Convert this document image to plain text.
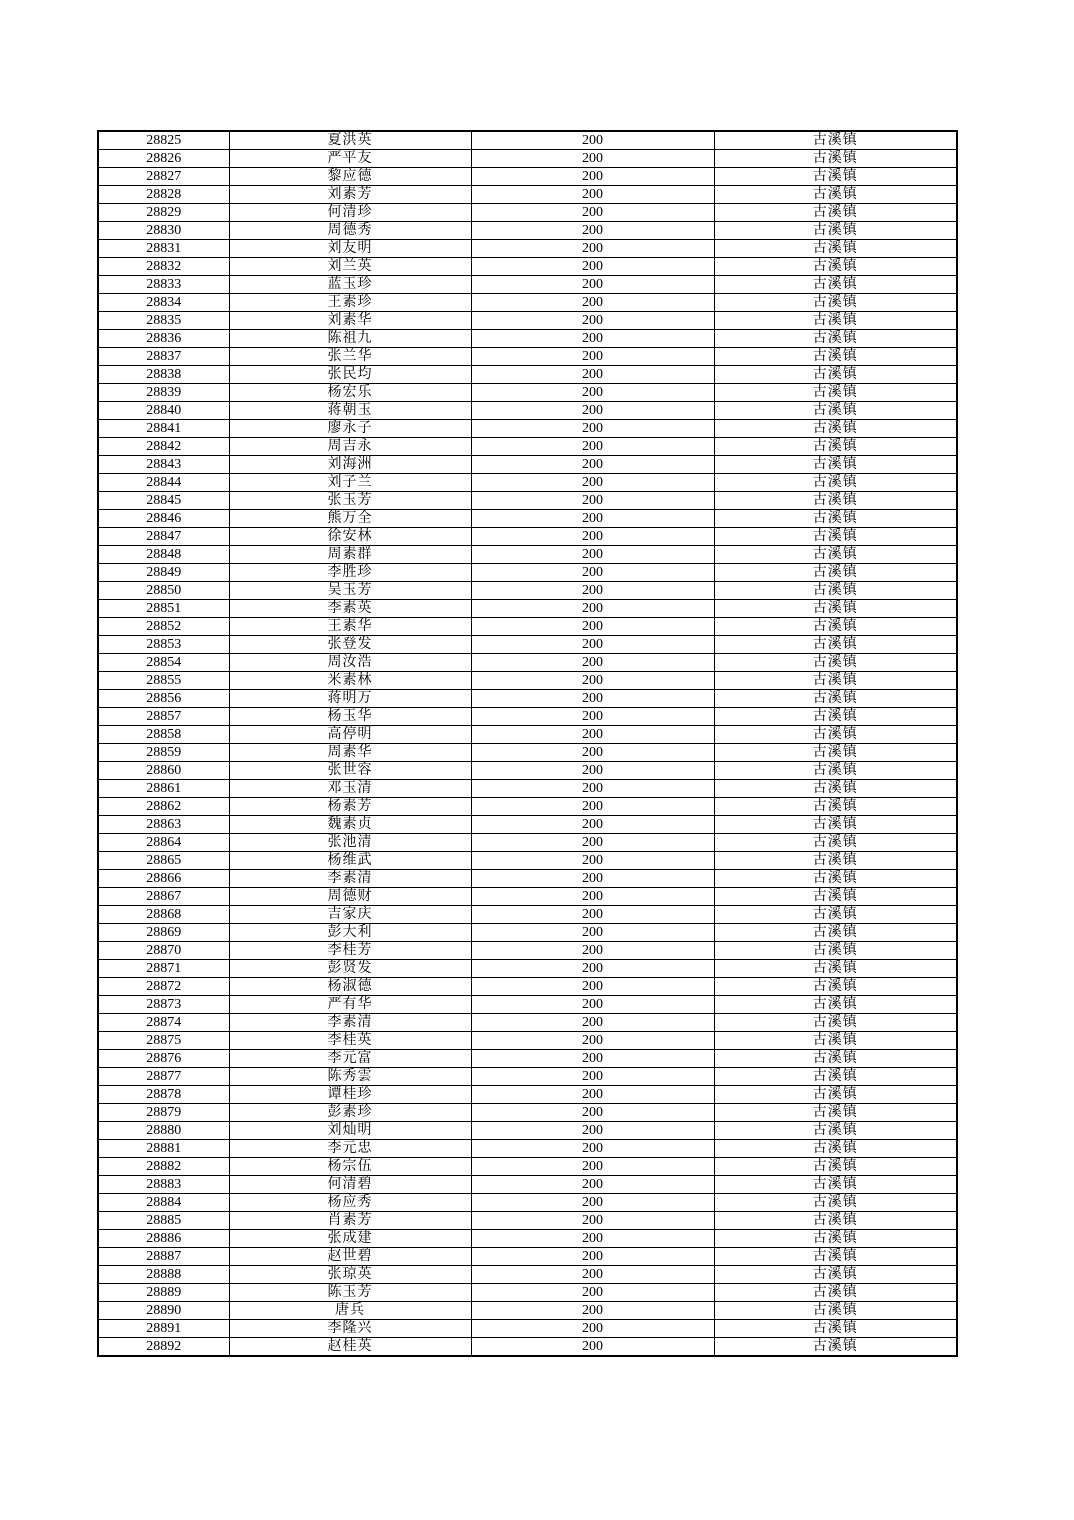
28825	夏洪英	200	古溪镇
28826	严平友	200	古溪镇
28827	黎应德	200	古溪镇
28828	刘素芳	200	古溪镇
28829	何清珍	200	古溪镇
28830	周德秀	200	古溪镇
28831	刘友明	200	古溪镇
28832	刘兰英	200	古溪镇
28833	蓝玉珍	200	古溪镇
28834	王素珍	200	古溪镇
28835	刘素华	200	古溪镇
28836	陈祖九	200	古溪镇
28837	张兰华	200	古溪镇
28838	张民均	200	古溪镇
28839	杨宏乐	200	古溪镇
28840	蒋朝玉	200	古溪镇
28841	廖永子	200	古溪镇
28842	周吉永	200	古溪镇
28843	刘海洲	200	古溪镇
28844	刘子兰	200	古溪镇
28845	张玉芳	200	古溪镇
28846	熊万全	200	古溪镇
28847	徐安林	200	古溪镇
28848	周素群	200	古溪镇
28849	李胜珍	200	古溪镇
28850	吴玉芳	200	古溪镇
28851	李素英	200	古溪镇
28852	王素华	200	古溪镇
28853	张登发	200	古溪镇
28854	周汝浩	200	古溪镇
28855	米素林	200	古溪镇
28856	蒋明万	200	古溪镇
28857	杨玉华	200	古溪镇
28858	高停明	200	古溪镇
28859	周素华	200	古溪镇
28860	张世容	200	古溪镇
28861	邓玉清	200	古溪镇
28862	杨素芳	200	古溪镇
28863	魏素贞	200	古溪镇
28864	张池清	200	古溪镇
28865	杨维武	200	古溪镇
28866	李素清	200	古溪镇
28867	周德财	200	古溪镇
28868	吉家庆	200	古溪镇
28869	彭大利	200	古溪镇
28870	李桂芳	200	古溪镇
28871	彭贤发	200	古溪镇
28872	杨淑德	200	古溪镇
28873	严有华	200	古溪镇
28874	李素清	200	古溪镇
28875	李桂英	200	古溪镇
28876	李元富	200	古溪镇
28877	陈秀雲	200	古溪镇
28878	谭桂珍	200	古溪镇
28879	彭素珍	200	古溪镇
28880	刘灿明	200	古溪镇
28881	李元忠	200	古溪镇
28882	杨宗伍	200	古溪镇
28883	何清碧	200	古溪镇
28884	杨应秀	200	古溪镇
28885	肖素芳	200	古溪镇
28886	张成建	200	古溪镇
28887	赵世碧	200	古溪镇
28888	张琼英	200	古溪镇
28889	陈玉芳	200	古溪镇
28890	唐兵	200	古溪镇
28891	李隆兴	200	古溪镇
28892	赵桂英	200	古溪镇
